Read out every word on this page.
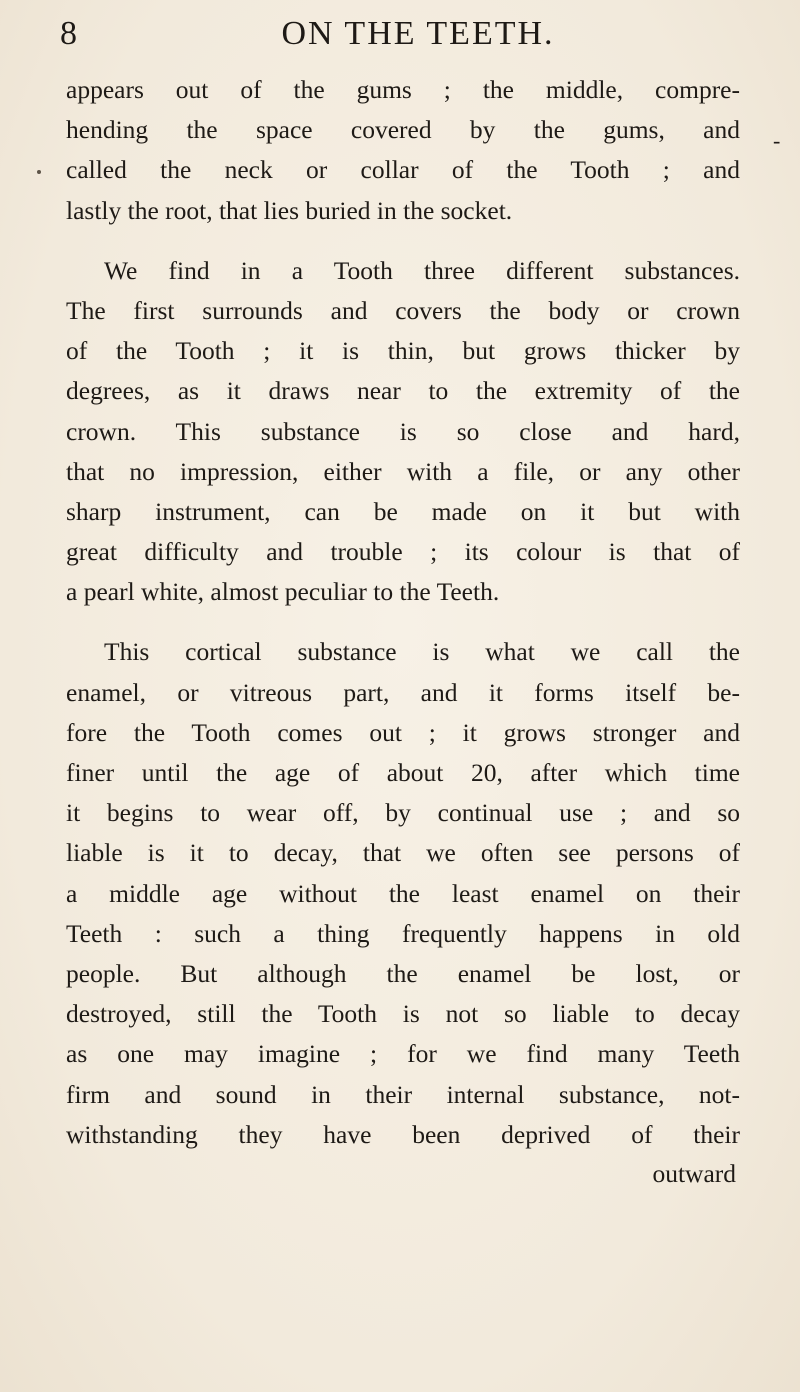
8	ON THE TEETH.
-
appears out of the gums ; the middle, compre-
hending the space covered by the gums, and
called the neck or collar of the Tooth ; and
lastly the root, that lies buried in the socket.
We find in a Tooth three different substances.
The first surrounds and covers the body or crown
of the Tooth ; it is thin, but grows thicker by
degrees, as it draws near to the extremity of the
crown. This substance is so close and hard,
that no impression, either with a file, or any other
sharp instrument, can be made on it but with
great difficulty and trouble ; its colour is that of
a pearl white, almost peculiar to the Teeth.
This cortical substance is what we call the
enamel, or vitreous part, and it forms itself be-
fore the Tooth comes out ; it grows stronger and
finer until the age of about 20, after which time
it begins to wear off, by continual use ; and so
liable is it to decay, that we often see persons of
a middle age without the least enamel on their
Teeth : such a thing frequently happens in old
people. But although the enamel be lost, or
destroyed, still the Tooth is not so liable to decay
as one may imagine ; for we find many Teeth
firm and sound in their internal substance, not-
withstanding they have been deprived of their
outward
